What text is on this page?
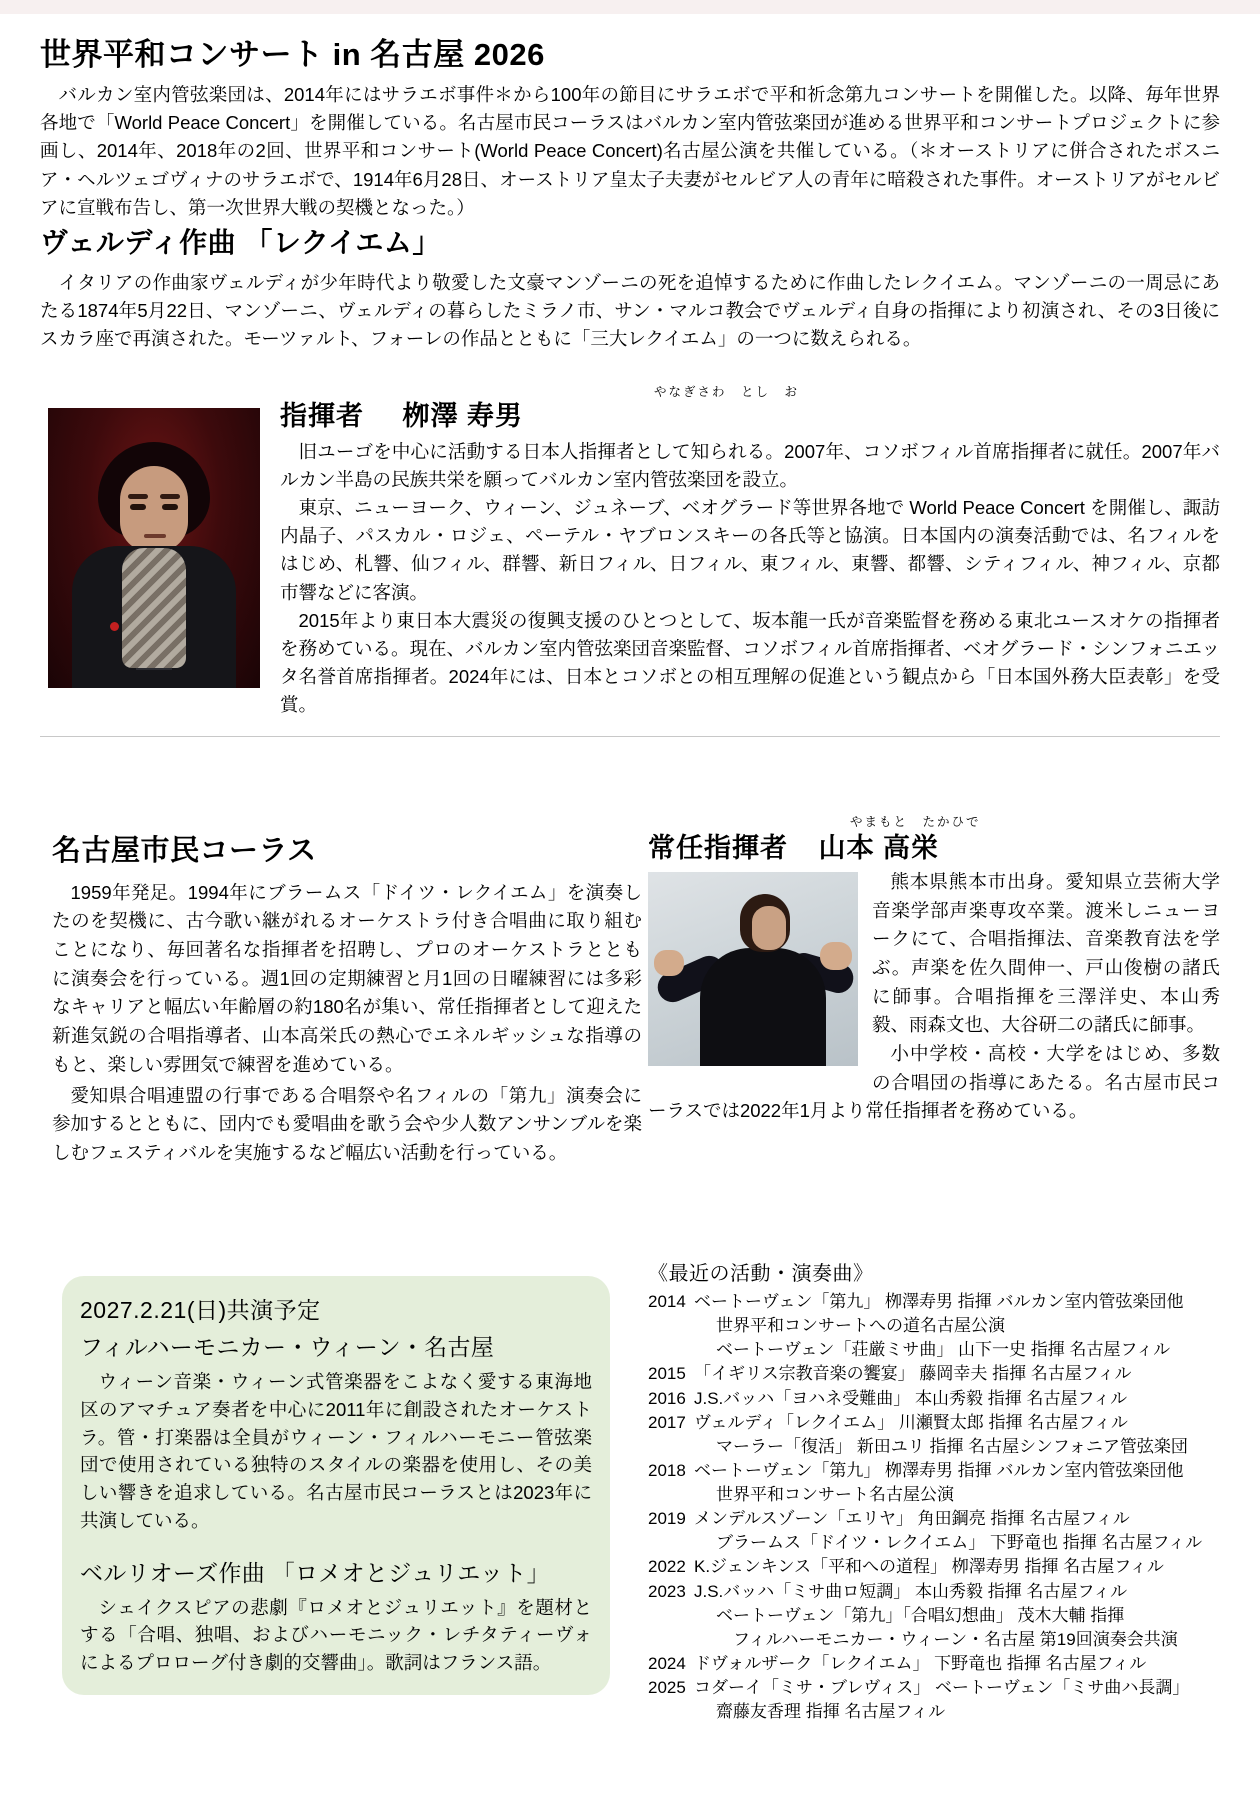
世界平和コンサート in 名古屋 2026

バルカン室内管弦楽団は、2014年にはサラエボ事件＊から100年の節目にサラエボで平和祈念第九コンサートを開催した。以降、毎年世界各地で「World Peace Concert」を開催している。名古屋市民コーラスはバルカン室内管弦楽団が進める世界平和コンサートプロジェクトに参画し、2014年、2018年の2回、世界平和コンサート(World Peace Concert)名古屋公演を共催している。（＊オーストリアに併合されたボスニア・ヘルツェゴヴィナのサラエボで、1914年6月28日、オーストリア皇太子夫妻がセルビア人の青年に暗殺された事件。オーストリアがセルビアに宣戦布告し、第一次世界大戦の契機となった。）

ヴェルディ作曲 「レクイエム」

イタリアの作曲家ヴェルディが少年時代より敬愛した文豪マンゾーニの死を追悼するために作曲したレクイエム。マンゾーニの一周忌にあたる1874年5月22日、マンゾーニ、ヴェルディの暮らしたミラノ市、サン・マルコ教会でヴェルディ自身の指揮により初演され、その3日後にスカラ座で再演された。モーツァルト、フォーレの作品とともに「三大レクイエム」の一つに数えられる。

指揮者 栁澤 寿男
やなぎさわ　とし　お

旧ユーゴを中心に活動する日本人指揮者として知られる。2007年、コソボフィル首席指揮者に就任。2007年バルカン半島の民族共栄を願ってバルカン室内管弦楽団を設立。

東京、ニューヨーク、ウィーン、ジュネーブ、ベオグラード等世界各地で World Peace Concert を開催し、諏訪内晶子、パスカル・ロジェ、ペーテル・ヤブロンスキーの各氏等と協演。日本国内の演奏活動では、名フィルをはじめ、札響、仙フィル、群響、新日フィル、日フィル、東フィル、東響、都響、シティフィル、神フィル、京都市響などに客演。

2015年より東日本大震災の復興支援のひとつとして、坂本龍一氏が音楽監督を務める東北ユースオケの指揮者を務めている。現在、バルカン室内管弦楽団音楽監督、コソボフィル首席指揮者、ベオグラード・シンフォニエッタ名誉首席指揮者。2024年には、日本とコソボとの相互理解の促進という観点から「日本国外務大臣表彰」を受賞。

名古屋市民コーラス

1959年発足。1994年にブラームス「ドイツ・レクイエム」を演奏したのを契機に、古今歌い継がれるオーケストラ付き合唱曲に取り組むことになり、毎回著名な指揮者を招聘し、プロのオーケストラとともに演奏会を行っている。週1回の定期練習と月1回の日曜練習には多彩なキャリアと幅広い年齢層の約180名が集い、常任指揮者として迎えた新進気鋭の合唱指導者、山本高栄氏の熱心でエネルギッシュな指導のもと、楽しい雰囲気で練習を進めている。

愛知県合唱連盟の行事である合唱祭や名フィルの「第九」演奏会に参加するとともに、団内でも愛唱曲を歌う会や少人数アンサンブルを楽しむフェスティバルを実施するなど幅広い活動を行っている。

2027.2.21(日)共演予定
フィルハーモニカー・ウィーン・名古屋

ウィーン音楽・ウィーン式管楽器をこよなく愛する東海地区のアマチュア奏者を中心に2011年に創設されたオーケストラ。管・打楽器は全員がウィーン・フィルハーモニー管弦楽団で使用されている独特のスタイルの楽器を使用し、その美しい響きを追求している。名古屋市民コーラスとは2023年に共演している。

ベルリオーズ作曲 「ロメオとジュリエット」

シェイクスピアの悲劇『ロメオとジュリエット』を題材とする「合唱、独唱、およびハーモニック・レチタティーヴォによるプロローグ付き劇的交響曲」。歌詞はフランス語。

常任指揮者 山本 高栄
やまもと　たかひで

熊本県熊本市出身。愛知県立芸術大学音楽学部声楽専攻卒業。渡米しニューヨークにて、合唱指揮法、音楽教育法を学ぶ。声楽を佐久間伸一、戸山俊樹の諸氏に師事。合唱指揮を三澤洋史、本山秀毅、雨森文也、大谷研二の諸氏に師事。

小中学校・高校・大学をはじめ、多数の合唱団の指導にあたる。名古屋市民コーラスでは2022年1月より常任指揮者を務めている。

《最近の活動・演奏曲》
2014 ベートーヴェン「第九」 栁澤寿男 指揮 バルカン室内管弦楽団他
世界平和コンサートへの道名古屋公演
ベートーヴェン「荘厳ミサ曲」 山下一史 指揮 名古屋フィル
2015 「イギリス宗教音楽の饗宴」 藤岡幸夫 指揮 名古屋フィル
2016 J.S.バッハ「ヨハネ受難曲」 本山秀毅 指揮 名古屋フィル
2017 ヴェルディ「レクイエム」 川瀬賢太郎 指揮 名古屋フィル
マーラー「復活」 新田ユリ 指揮 名古屋シンフォニア管弦楽団
2018 ベートーヴェン「第九」 栁澤寿男 指揮 バルカン室内管弦楽団他
世界平和コンサート名古屋公演
2019 メンデルスゾーン「エリヤ」 角田鋼亮 指揮 名古屋フィル
ブラームス「ドイツ・レクイエム」 下野竜也 指揮 名古屋フィル
2022 K.ジェンキンス「平和への道程」 栁澤寿男 指揮 名古屋フィル
2023 J.S.バッハ「ミサ曲ロ短調」 本山秀毅 指揮 名古屋フィル
ベートーヴェン「第九」「合唱幻想曲」 茂木大輔 指揮
　フィルハーモニカー・ウィーン・名古屋 第19回演奏会共演
2024 ドヴォルザーク「レクイエム」 下野竜也 指揮 名古屋フィル
2025 コダーイ「ミサ・ブレヴィス」 ベートーヴェン「ミサ曲ハ長調」
齋藤友香理 指揮 名古屋フィル
